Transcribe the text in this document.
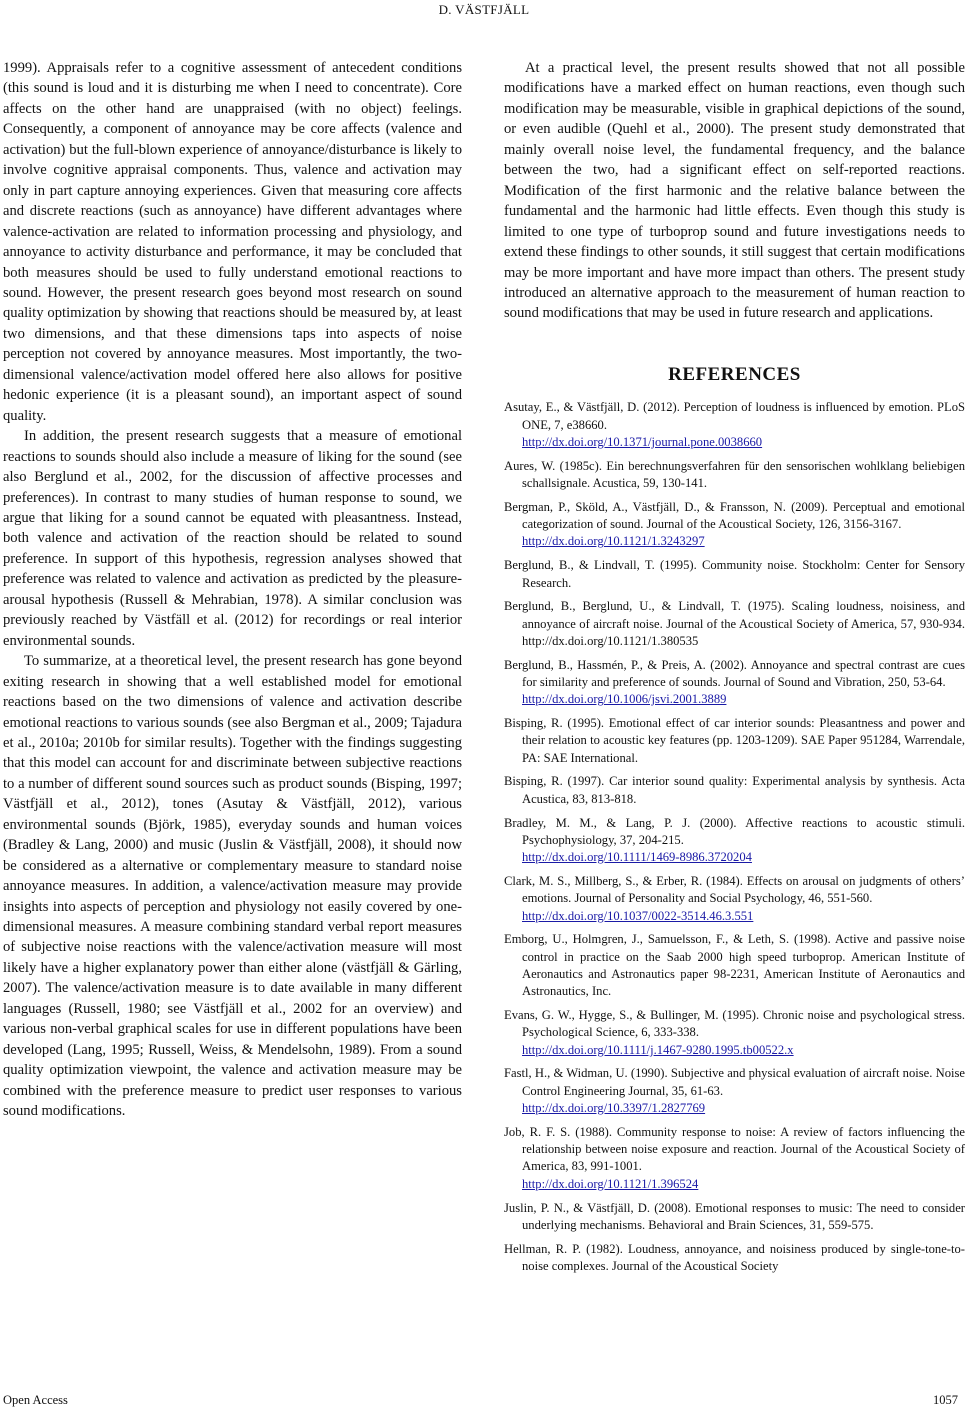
D. VÄSTFJÄLL

1999). Appraisals refer to a cognitive assessment of antecedent conditions (this sound is loud and it is disturbing me when I need to concentrate). Core affects on the other hand are unappraised (with no object) feelings. Consequently, a component of annoyance may be core affects (valence and activation) but the full-blown experience of annoyance/disturbance is likely to involve cognitive appraisal components. Thus, valence and activation may only in part capture annoying experiences. Given that measuring core affects and discrete reactions (such as annoyance) have different advantages where valence-activation are related to information processing and physiology, and annoyance to activity disturbance and performance, it may be concluded that both measures should be used to fully understand emotional reactions to sound. However, the present research goes beyond most research on sound quality optimization by showing that reactions should be measured by, at least two dimensions, and that these dimensions taps into aspects of noise perception not covered by annoyance measures. Most importantly, the two-dimensional valence/activation model offered here also allows for positive hedonic experience (it is a pleasant sound), an important aspect of sound quality.

In addition, the present research suggests that a measure of emotional reactions to sounds should also include a measure of liking for the sound (see also Berglund et al., 2002, for the discussion of affective processes and preferences). In contrast to many studies of human response to sound, we argue that liking for a sound cannot be equated with pleasantness. Instead, both valence and activation of the reaction should be related to sound preference. In support of this hypothesis, regression analyses showed that preference was related to valence and activation as predicted by the pleasure-arousal hypothesis (Russell & Mehrabian, 1978). A similar conclusion was previously reached by Västfäll et al. (2012) for recordings or real interior environmental sounds.

To summarize, at a theoretical level, the present research has gone beyond exiting research in showing that a well established model for emotional reactions based on the two dimensions of valence and activation describe emotional reactions to various sounds (see also Bergman et al., 2009; Tajadura et al., 2010a; 2010b for similar results). Together with the findings suggesting that this model can account for and discriminate between subjective reactions to a number of different sound sources such as product sounds (Bisping, 1997; Västfjäll et al., 2012), tones (Asutay & Västfjäll, 2012), various environmental sounds (Björk, 1985), everyday sounds and human voices (Bradley & Lang, 2000) and music (Juslin & Västfjäll, 2008), it should now be considered as a alternative or complementary measure to standard noise annoyance measures. In addition, a valence/activation measure may provide insights into aspects of perception and physiology not easily covered by one-dimensional measures. A measure combining standard verbal report measures of subjective noise reactions with the valence/activation measure will most likely have a higher explanatory power than either alone (västfjäll & Gärling, 2007). The valence/activation measure is to date available in many different languages (Russell, 1980; see Västfjäll et al., 2002 for an overview) and various non-verbal graphical scales for use in different populations have been developed (Lang, 1995; Russell, Weiss, & Mendelsohn, 1989). From a sound quality optimization viewpoint, the valence and activation measure may be combined with the preference measure to predict user responses to various sound modifications.

At a practical level, the present results showed that not all possible modifications have a marked effect on human reactions, even though such modification may be measurable, visible in graphical depictions of the sound, or even audible (Quehl et al., 2000). The present study demonstrated that mainly overall noise level, the fundamental frequency, and the balance between the two, had a significant effect on self-reported reactions. Modification of the first harmonic and the relative balance between the fundamental and the harmonic had little effects. Even though this study is limited to one type of turboprop sound and future investigations needs to extend these findings to other sounds, it still suggest that certain modifications may be more important and have more impact than others. The present study introduced an alternative approach to the measurement of human reaction to sound modifications that may be used in future research and applications.

REFERENCES
Asutay, E., & Västfjäll, D. (2012). Perception of loudness is influenced by emotion. PLoS ONE, 7, e38660.
http://dx.doi.org/10.1371/journal.pone.0038660
Aures, W. (1985c). Ein berechnungsverfahren für den sensorischen wohlklang beliebigen schallsignale. Acustica, 59, 130-141.
Bergman, P., Sköld, A., Västfjäll, D., & Fransson, N. (2009). Perceptual and emotional categorization of sound. Journal of the Acoustical Society, 126, 3156-3167.
http://dx.doi.org/10.1121/1.3243297
Berglund, B., & Lindvall, T. (1995). Community noise. Stockholm: Center for Sensory Research.
Berglund, B., Berglund, U., & Lindvall, T. (1975). Scaling loudness, noisiness, and annoyance of aircraft noise. Journal of the Acoustical Society of America, 57, 930-934. http://dx.doi.org/10.1121/1.380535
Berglund, B., Hassmén, P., & Preis, A. (2002). Annoyance and spectral contrast are cues for similarity and preference of sounds. Journal of Sound and Vibration, 250, 53-64.
http://dx.doi.org/10.1006/jsvi.2001.3889
Bisping, R. (1995). Emotional effect of car interior sounds: Pleasantness and power and their relation to acoustic key features (pp. 1203-1209). SAE Paper 951284, Warrendale, PA: SAE International.
Bisping, R. (1997). Car interior sound quality: Experimental analysis by synthesis. Acta Acustica, 83, 813-818.
Bradley, M. M., & Lang, P. J. (2000). Affective reactions to acoustic stimuli. Psychophysiology, 37, 204-215.
http://dx.doi.org/10.1111/1469-8986.3720204
Clark, M. S., Millberg, S., & Erber, R. (1984). Effects on arousal on judgments of others’ emotions. Journal of Personality and Social Psychology, 46, 551-560.
http://dx.doi.org/10.1037/0022-3514.46.3.551
Emborg, U., Holmgren, J., Samuelsson, F., & Leth, S. (1998). Active and passive noise control in practice on the Saab 2000 high speed turboprop. American Institute of Aeronautics and Astronautics paper 98-2231, American Institute of Aeronautics and Astronautics, Inc.
Evans, G. W., Hygge, S., & Bullinger, M. (1995). Chronic noise and psychological stress. Psychological Science, 6, 333-338.
http://dx.doi.org/10.1111/j.1467-9280.1995.tb00522.x
Fastl, H., & Widman, U. (1990). Subjective and physical evaluation of aircraft noise. Noise Control Engineering Journal, 35, 61-63.
http://dx.doi.org/10.3397/1.2827769
Job, R. F. S. (1988). Community response to noise: A review of factors influencing the relationship between noise exposure and reaction. Journal of the Acoustical Society of America, 83, 991-1001.
http://dx.doi.org/10.1121/1.396524
Juslin, P. N., & Västfjäll, D. (2008). Emotional responses to music: The need to consider underlying mechanisms. Behavioral and Brain Sciences, 31, 559-575.
Hellman, R. P. (1982). Loudness, annoyance, and noisiness produced by single-tone-to-noise complexes. Journal of the Acoustical Society
Open Access	1057
